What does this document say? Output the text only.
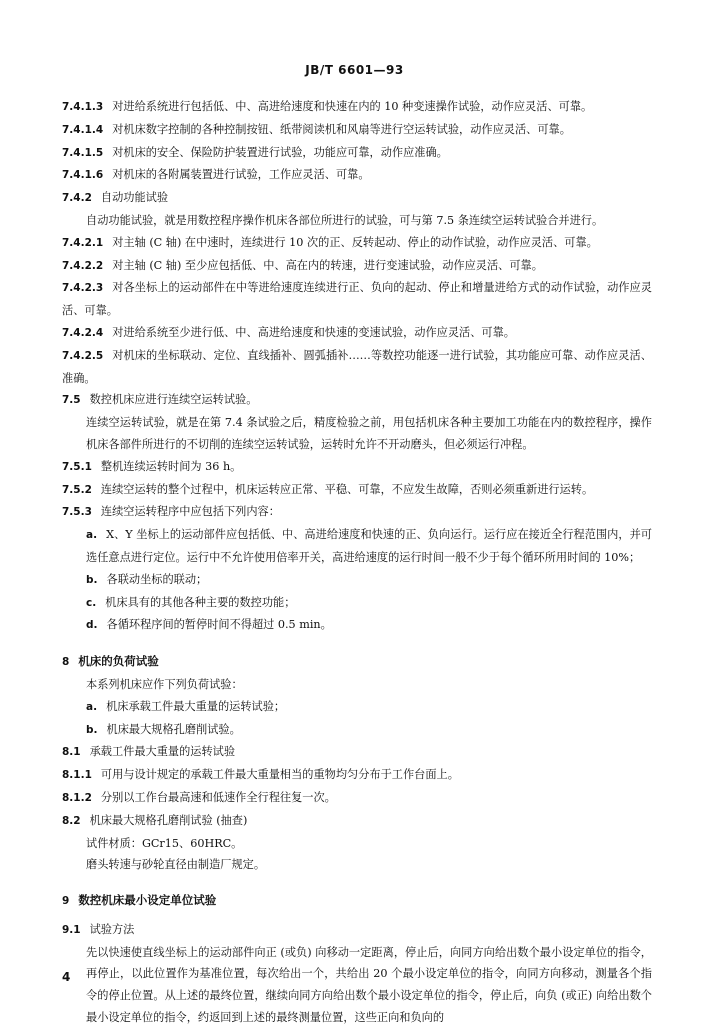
JB/T 6601—93
7.4.1.3 对进给系统进行包括低、中、高进给速度和快速在内的 10 种变速操作试验，动作应灵活、可靠。
7.4.1.4 对机床数字控制的各种控制按钮、纸带阅读机和风扇等进行空运转试验，动作应灵活、可靠。
7.4.1.5 对机床的安全、保险防护装置进行试验，功能应可靠，动作应准确。
7.4.1.6 对机床的各附属装置进行试验，工作应灵活、可靠。
7.4.2 自动功能试验
自动功能试验，就是用数控程序操作机床各部位所进行的试验，可与第 7.5 条连续空运转试验合并进行。
7.4.2.1 对主轴 (C 轴) 在中速时，连续进行 10 次的正、反转起动、停止的动作试验，动作应灵活、可靠。
7.4.2.2 对主轴 (C 轴) 至少应包括低、中、高在内的转速，进行变速试验，动作应灵活、可靠。
7.4.2.3 对各坐标上的运动部件在中等进给速度连续进行正、负向的起动、停止和增量进给方式的动作试验，动作应灵活、可靠。
7.4.2.4 对进给系统至少进行低、中、高进给速度和快速的变速试验，动作应灵活、可靠。
7.4.2.5 对机床的坐标联动、定位、直线插补、圆弧插补……等数控功能逐一进行试验，其功能应可靠、动作应灵活、准确。
7.5 数控机床应进行连续空运转试验。
连续空运转试验，就是在第 7.4 条试验之后，精度检验之前，用包括机床各种主要加工功能在内的数控程序，操作机床各部件所进行的不切削的连续空运转试验，运转时允许不开动磨头，但必须运行冲程。
7.5.1 整机连续运转时间为 36 h。
7.5.2 连续空运转的整个过程中，机床运转应正常、平稳、可靠，不应发生故障，否则必须重新进行运转。
7.5.3 连续空运转程序中应包括下列内容：
a. X、Y 坐标上的运动部件应包括低、中、高进给速度和快速的正、负向运行。运行应在接近全行程范围内，并可选任意点进行定位。运行中不允许使用倍率开关，高进给速度的运行时间一般不少于每个循环所用时间的 10%；
b. 各联动坐标的联动；
c. 机床具有的其他各种主要的数控功能；
d. 各循环程序间的暂停时间不得超过 0.5 min。
8 机床的负荷试验
本系列机床应作下列负荷试验：
a. 机床承载工件最大重量的运转试验；
b. 机床最大规格孔磨削试验。
8.1 承载工件最大重量的运转试验
8.1.1 可用与设计规定的承载工件最大重量相当的重物均匀分布于工作台面上。
8.1.2 分别以工作台最高速和低速作全行程往复一次。
8.2 机床最大规格孔磨削试验 (抽查)
试件材质：GCr15、60HRC。
磨头转速与砂轮直径由制造厂规定。
9 数控机床最小设定单位试验
9.1 试验方法
先以快速使直线坐标上的运动部件向正 (或负) 向移动一定距离，停止后，向同方向给出数个最小设定单位的指令，再停止，以此位置作为基准位置，每次给出一个，共给出 20 个最小设定单位的指令，向同方向移动，测量各个指令的停止位置。从上述的最终位置，继续向同方向给出数个最小设定单位的指令，停止后，向负 (或正) 向给出数个最小设定单位的指令，约返回到上述的最终测量位置，这些正向和负向的
4
